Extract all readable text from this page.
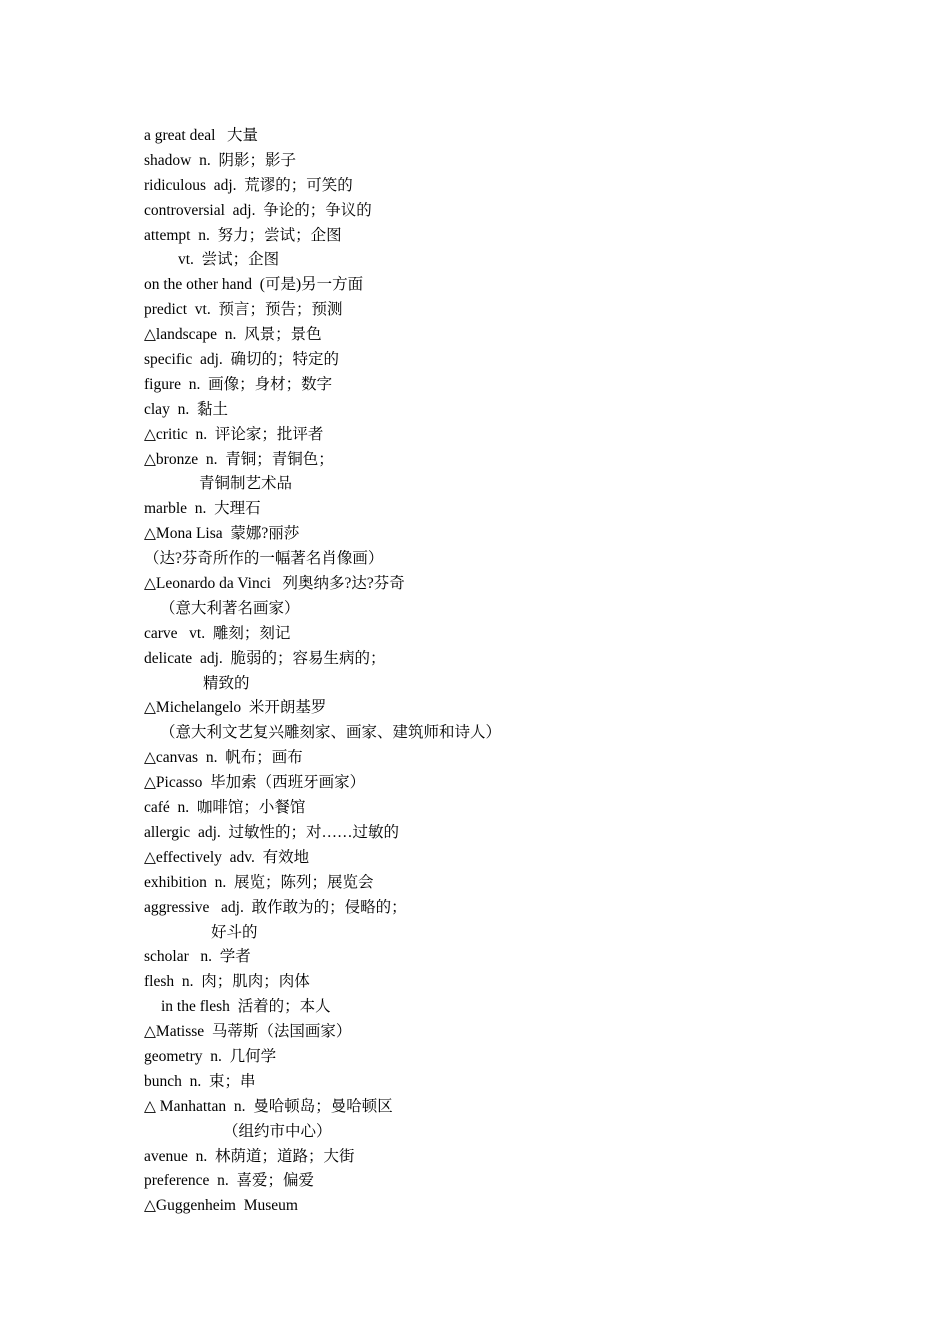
a great deal   大量
shadow  n.  阴影；影子
ridiculous  adj.  荒谬的；可笑的
controversial  adj.  争论的；争议的
attempt  n.  努力；尝试；企图
vt.  尝试；企图
on the other hand  (可是)另一方面
predict  vt.  预言；预告；预测
△landscape  n.  风景；景色
specific  adj.  确切的；特定的
figure  n.  画像；身材；数字
clay  n.  黏土
△critic  n.  评论家；批评者
△bronze  n.  青铜；青铜色；
青铜制艺术品
marble  n.  大理石
△Mona Lisa  蒙娜?丽莎
（达?芬奇所作的一幅著名肖像画）
△Leonardo da Vinci   列奥纳多?达?芬奇
（意大利著名画家）
carve   vt.  雕刻；刻记
delicate  adj.  脆弱的；容易生病的；
精致的
△Michelangelo  米开朗基罗
（意大利文艺复兴雕刻家、画家、建筑师和诗人）
△canvas  n.  帆布；画布
△Picasso  毕加索（西班牙画家）
café  n.  咖啡馆；小餐馆
allergic  adj.  过敏性的；对……过敏的
△effectively  adv.  有效地
exhibition  n.  展览；陈列；展览会
aggressive   adj.  敢作敢为的；侵略的；
好斗的
scholar   n.  学者
flesh  n.  肉；肌肉；肉体
in the flesh  活着的；本人
△Matisse  马蒂斯（法国画家）
geometry  n.  几何学
bunch  n.  束；串
△ Manhattan  n.  曼哈顿岛；曼哈顿区
（组约市中心）
avenue  n.  林荫道；道路；大街
preference  n.  喜爱；偏爱
△Guggenheim  Museum
